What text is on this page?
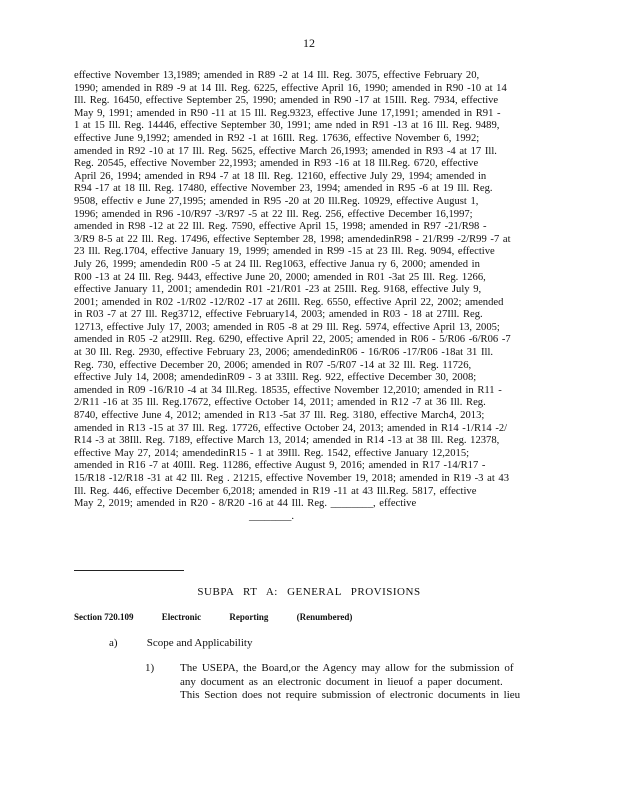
12
effective November 13,1989; amended in R89 -2 at 14 Ill. Reg. 3075, effective February 20,
1990; amended in R89 -9 at 14 Ill. Reg. 6225, effective April 16, 1990; amended in R90 -10 at 14
Ill. Reg. 16450, effective September 25, 1990; amended in R90 -17 at 15Ill. Reg. 7934, effective
May 9, 1991; amended in R90 -11 at 15 Ill. Reg.9323, effective June 17,1991; amended in R91 -
1 at 15 Ill. Reg. 14446, effective September 30, 1991; ame nded in R91 -13 at 16 Ill. Reg. 9489,
effective June 9,1992; amended in R92 -1 at 16Ill. Reg. 17636, effective November 6, 1992;
amended in R92 -10 at 17 Ill. Reg. 5625, effective March 26,1993; amended in R93 -4 at 17 Ill.
Reg. 20545, effective November 22,1993; amended in R93 -16 at 18 Ill.Reg. 6720, effective
April 26, 1994; amended in R94 -7 at 18 Ill. Reg. 12160, effective July 29, 1994; amended in
R94 -17 at 18 Ill. Reg. 17480, effective November 23, 1994; amended in R95 -6 at 19 Ill. Reg.
9508, effectiv e June 27,1995; amended in R95 -20 at 20 Ill.Reg. 10929, effective August 1,
1996; amended in R96 -10/R97 -3/R97 -5 at 22 Ill. Reg. 256, effective December 16,1997;
amended in R98 -12 at 22 Ill. Reg. 7590, effective April 15, 1998; amended in R97 -21/R98 -
3/R9 8-5 at 22 Ill. Reg. 17496, effective September 28, 1998; amendedinR98 - 21/R99 -2/R99 -7 at
23 Ill. Reg.1704, effective January 19, 1999; amended in R99 -15 at 23 Ill. Reg. 9094, effective
July 26, 1999; amendedin R00 -5 at 24 Ill. Reg1063, effective Janua ry 6, 2000; amended in
R00 -13 at 24 Ill. Reg. 9443, effective June 20, 2000; amended in R01 -3at 25 Ill. Reg. 1266,
effective January 11, 2001; amendedin R01 -21/R01 -23 at 25Ill. Reg. 9168, effective July 9,
2001; amended in R02 -1/R02 -12/R02 -17 at 26Ill. Reg. 6550, effective April 22, 2002; amended
in R03 -7 at 27 Ill. Reg3712, effective February14, 2003; amended in R03 - 18 at 27Ill. Reg.
12713, effective July 17, 2003; amended in R05 -8 at 29 Ill. Reg. 5974, effective April 13, 2005;
amended in R05 -2 at29Ill. Reg. 6290, effective April 22, 2005; amended in R06 - 5/R06 -6/R06 -7
at 30 Ill. Reg. 2930, effective February 23, 2006; amendedinR06 - 16/R06 -17/R06 -18at 31 Ill.
Reg. 730, effective December 20, 2006; amended in R07 -5/R07 -14 at 32 Ill. Reg. 11726,
effective July 14, 2008; amendedinR09 - 3 at 33Ill. Reg. 922, effective December 30, 2008;
amended in R09 -16/R10 -4 at 34 Ill.Reg. 18535, effective November 12,2010; amended in R11 -
2/R11 -16 at 35 Ill. Reg.17672, effective October 14, 2011; amended in R12 -7 at 36 Ill. Reg.
8740, effective June 4, 2012; amended in R13 -5at 37 Ill. Reg. 3180, effective March4, 2013;
amended in R13 -15 at 37 Ill. Reg. 17726, effective October 24, 2013; amended in R14 -1/R14 -2/
R14 -3 at 38Ill. Reg. 7189, effective March 13, 2014; amended in R14 -13 at 38 Ill. Reg. 12378,
effective May 27, 2014; amendedinR15 - 1 at 39Ill. Reg. 1542, effective January 12,2015;
amended in R16 -7 at 40Ill. Reg. 11286, effective August 9, 2016; amended in R17 -14/R17 -
15/R18 -12/R18 -31 at 42 Ill. Reg . 21215, effective November 19, 2018; amended in R19 -3 at 43
Ill. Reg. 446, effective December 6,2018; amended in R19 -11 at 43 Ill.Reg. 5817, effective
May 2, 2019; amended in R20 - 8/R20 -16 at 44 Ill. Reg. ________, effective
________.
SUBPA RT A: GENERAL PROVISIONS
Section 720.109	Electronic	Reporting	(Renumbered)
a)	Scope and Applicability
1) The USEPA, the Board,or the Agency may allow for the submission of
any document as an electronic document in lieuof a paper document.
This Section does not require submission of electronic documents in lieu
